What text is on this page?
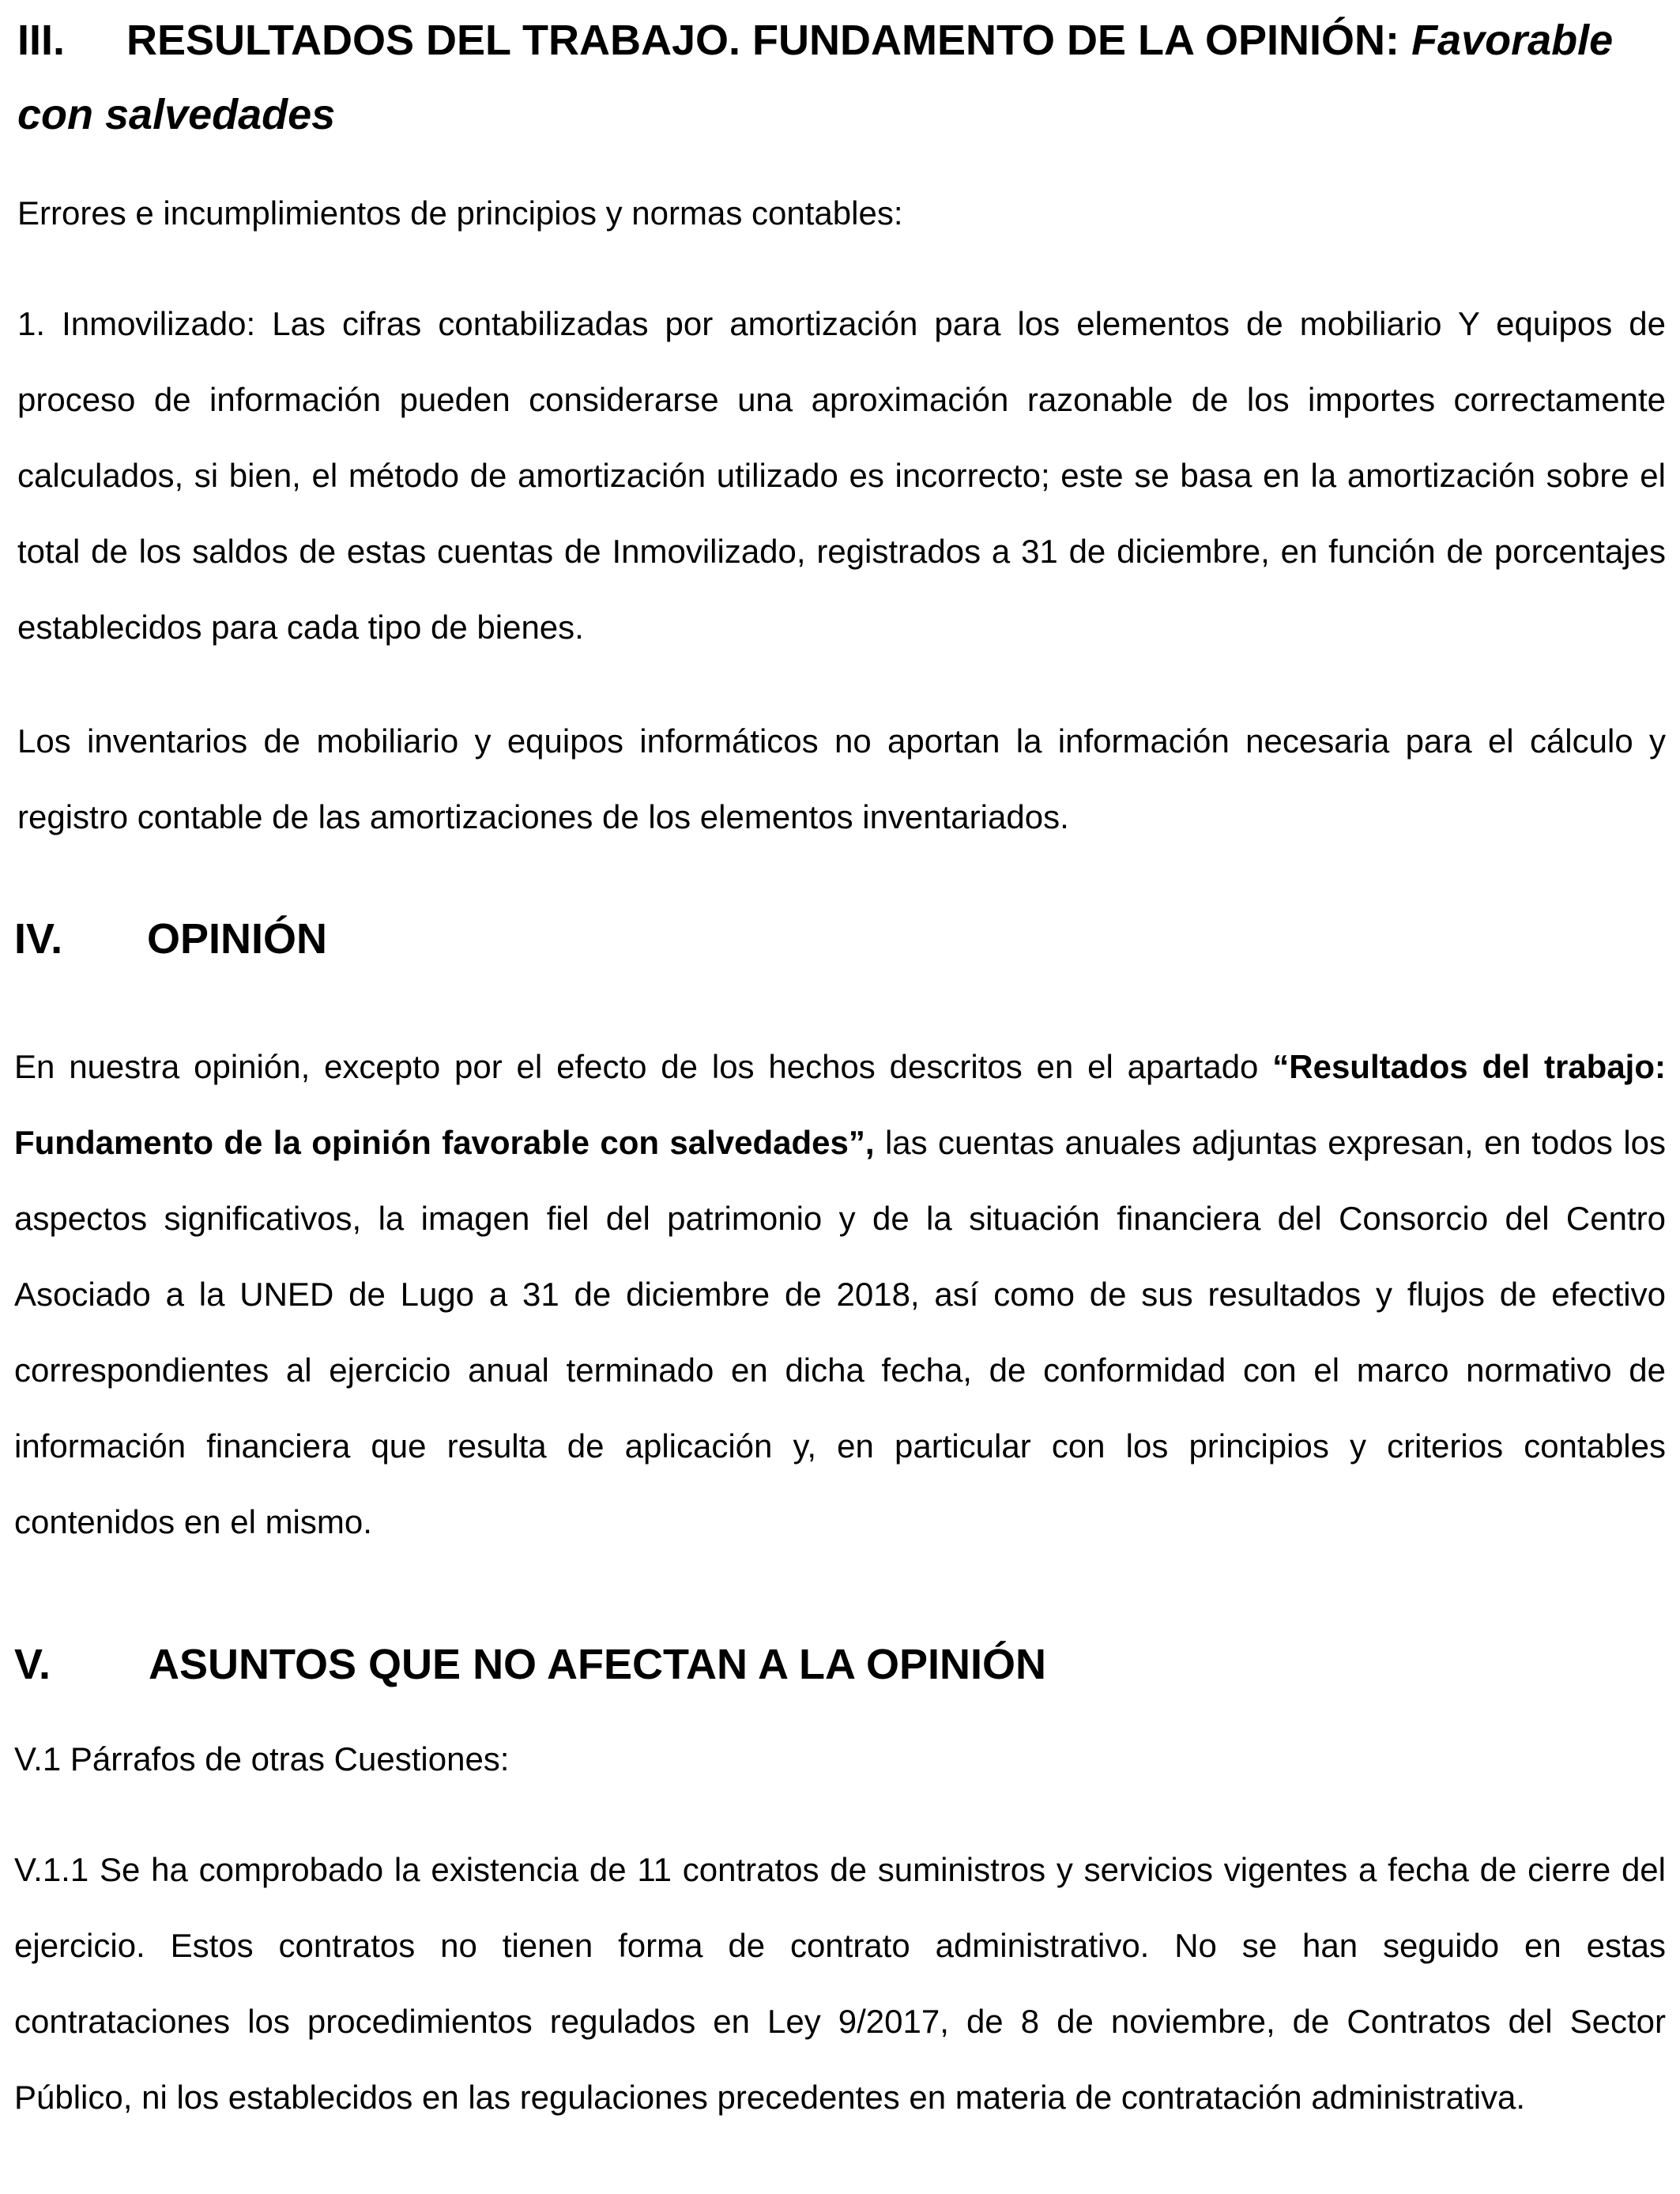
III. RESULTADOS DEL TRABAJO. FUNDAMENTO DE LA OPINIÓN: Favorable con salvedades
Errores e incumplimientos de principios y normas contables:
1. Inmovilizado: Las cifras contabilizadas por amortización para los elementos de mobiliario Y equipos de proceso de información pueden considerarse una aproximación razonable de los importes correctamente calculados, si bien, el método de amortización utilizado es incorrecto; este se basa en la amortización sobre el total de los saldos de estas cuentas de Inmovilizado, registrados a 31 de diciembre, en función de porcentajes establecidos para cada tipo de bienes.
Los inventarios de mobiliario y equipos informáticos no aportan la información necesaria para el cálculo y registro contable de las amortizaciones de los elementos inventariados.
IV. OPINIÓN
En nuestra opinión, excepto por el efecto de los hechos descritos en el apartado “Resultados del trabajo: Fundamento de la opinión favorable con salvedades”, las cuentas anuales adjuntas expresan, en todos los aspectos significativos, la imagen fiel del patrimonio y de la situación financiera del Consorcio del Centro Asociado a la UNED de Lugo a 31 de diciembre de 2018, así como de sus resultados y flujos de efectivo correspondientes al ejercicio anual terminado en dicha fecha, de conformidad con el marco normativo de información financiera que resulta de aplicación y, en particular con los principios y criterios contables contenidos en el mismo.
V. ASUNTOS QUE NO AFECTAN A LA OPINIÓN
V.1 Párrafos de otras Cuestiones:
V.1.1 Se ha comprobado la existencia de 11 contratos de suministros y servicios vigentes a fecha de cierre del ejercicio. Estos contratos no tienen forma de contrato administrativo. No se han seguido en estas contrataciones los procedimientos regulados en Ley 9/2017, de 8 de noviembre, de Contratos del Sector Público, ni los establecidos en las regulaciones precedentes en materia de contratación administrativa.
